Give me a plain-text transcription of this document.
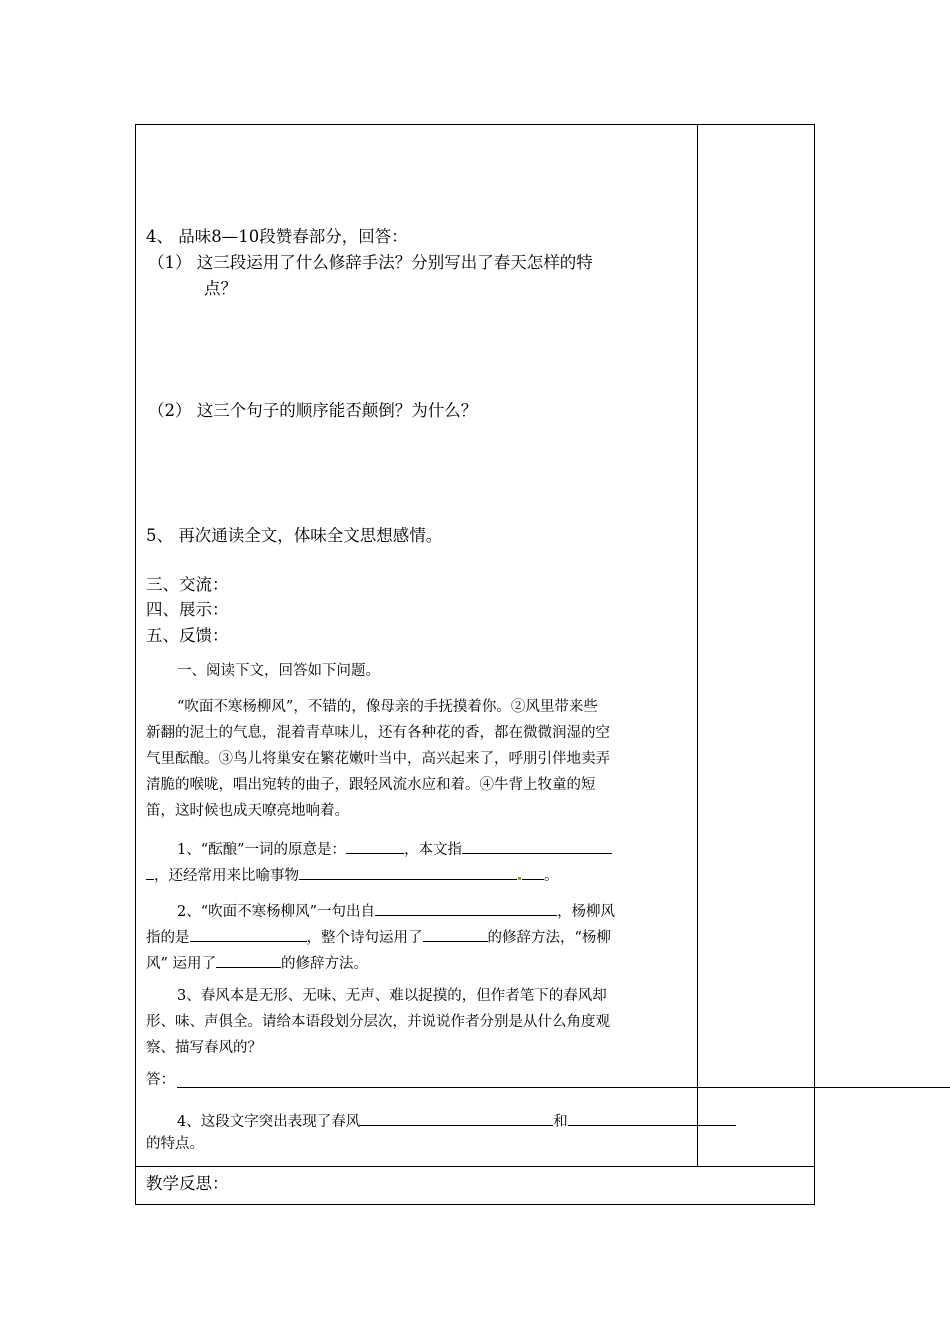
4、 品味8—10段赞春部分，回答：
（1） 这三段运用了什么修辞手法？分别写出了春天怎样的特
点？
（2） 这三个句子的顺序能否颠倒？为什么？
5、 再次通读全文，体味全文思想感情。
三、交流：
四、展示：
五、反馈：
一、阅读下文，回答如下问题。
“吹面不寒杨柳风”，不错的，像母亲的手抚摸着你。②风里带来些
新翻的泥土的气息，混着青草味儿，还有各种花的香，都在微微润湿的空
气里酝酿。③鸟儿将巢安在繁花嫩叶当中，高兴起来了，呼朋引伴地卖弄
清脆的喉咙，唱出宛转的曲子，跟轻风流水应和着。④牛背上牧童的短
笛，这时候也成天嘹亮地响着。
1、“酝酿”一词的原意是：	，本文指
，还经常用来比喻事物	。
2、“吹面不寒杨柳风”一句出自	，杨柳风
指的是	，整个诗句运用了	的修辞方法，“杨柳
风” 运用了	的修辞方法。
3、春风本是无形、无味、无声、难以捉摸的，但作者笔下的春风却
形、味、声俱全。请给本语段划分层次，并说说作者分别是从什么角度观
察、描写春风的？
答：
4、这段文字突出表现了春风	和
的特点。
教学反思：
